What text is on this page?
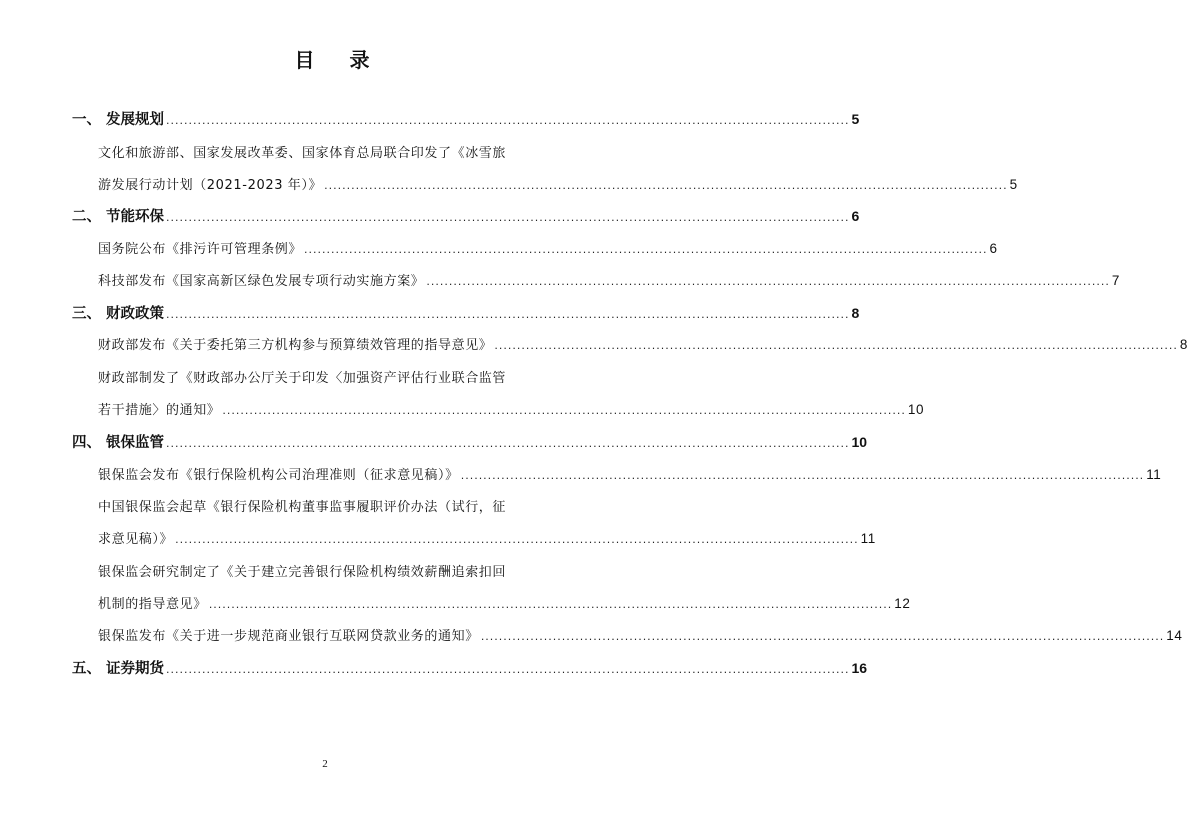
目 录
一、 发展规划 ........................................................................................................................................................ 5
文化和旅游部、国家发展改革委、国家体育总局联合印发了《冰雪旅
游发展行动计划（2021-2023 年）》 ........................................................................................................................................................ 5
二、 节能环保 ........................................................................................................................................................ 6
国务院公布《排污许可管理条例》 ........................................................................................................................................................ 6
科技部发布《国家高新区绿色发展专项行动实施方案》 ........................................................................................................................................................ 7
三、 财政政策 ........................................................................................................................................................ 8
财政部发布《关于委托第三方机构参与预算绩效管理的指导意见》 ........................................................................................................................................................ 8
财政部制发了《财政部办公厅关于印发〈加强资产评估行业联合监管
若干措施〉的通知》 ........................................................................................................................................................ 10
四、 银保监管 ........................................................................................................................................................ 10
银保监会发布《银行保险机构公司治理准则（征求意见稿）》 ........................................................................................................................................................ 11
中国银保监会起草《银行保险机构董事监事履职评价办法（试行，征
求意见稿）》 ........................................................................................................................................................ 11
银保监会研究制定了《关于建立完善银行保险机构绩效薪酬追索扣回
机制的指导意见》 ........................................................................................................................................................ 12
银保监发布《关于进一步规范商业银行互联网贷款业务的通知》 ........................................................................................................................................................ 14
五、 证券期货 ........................................................................................................................................................ 16
2
